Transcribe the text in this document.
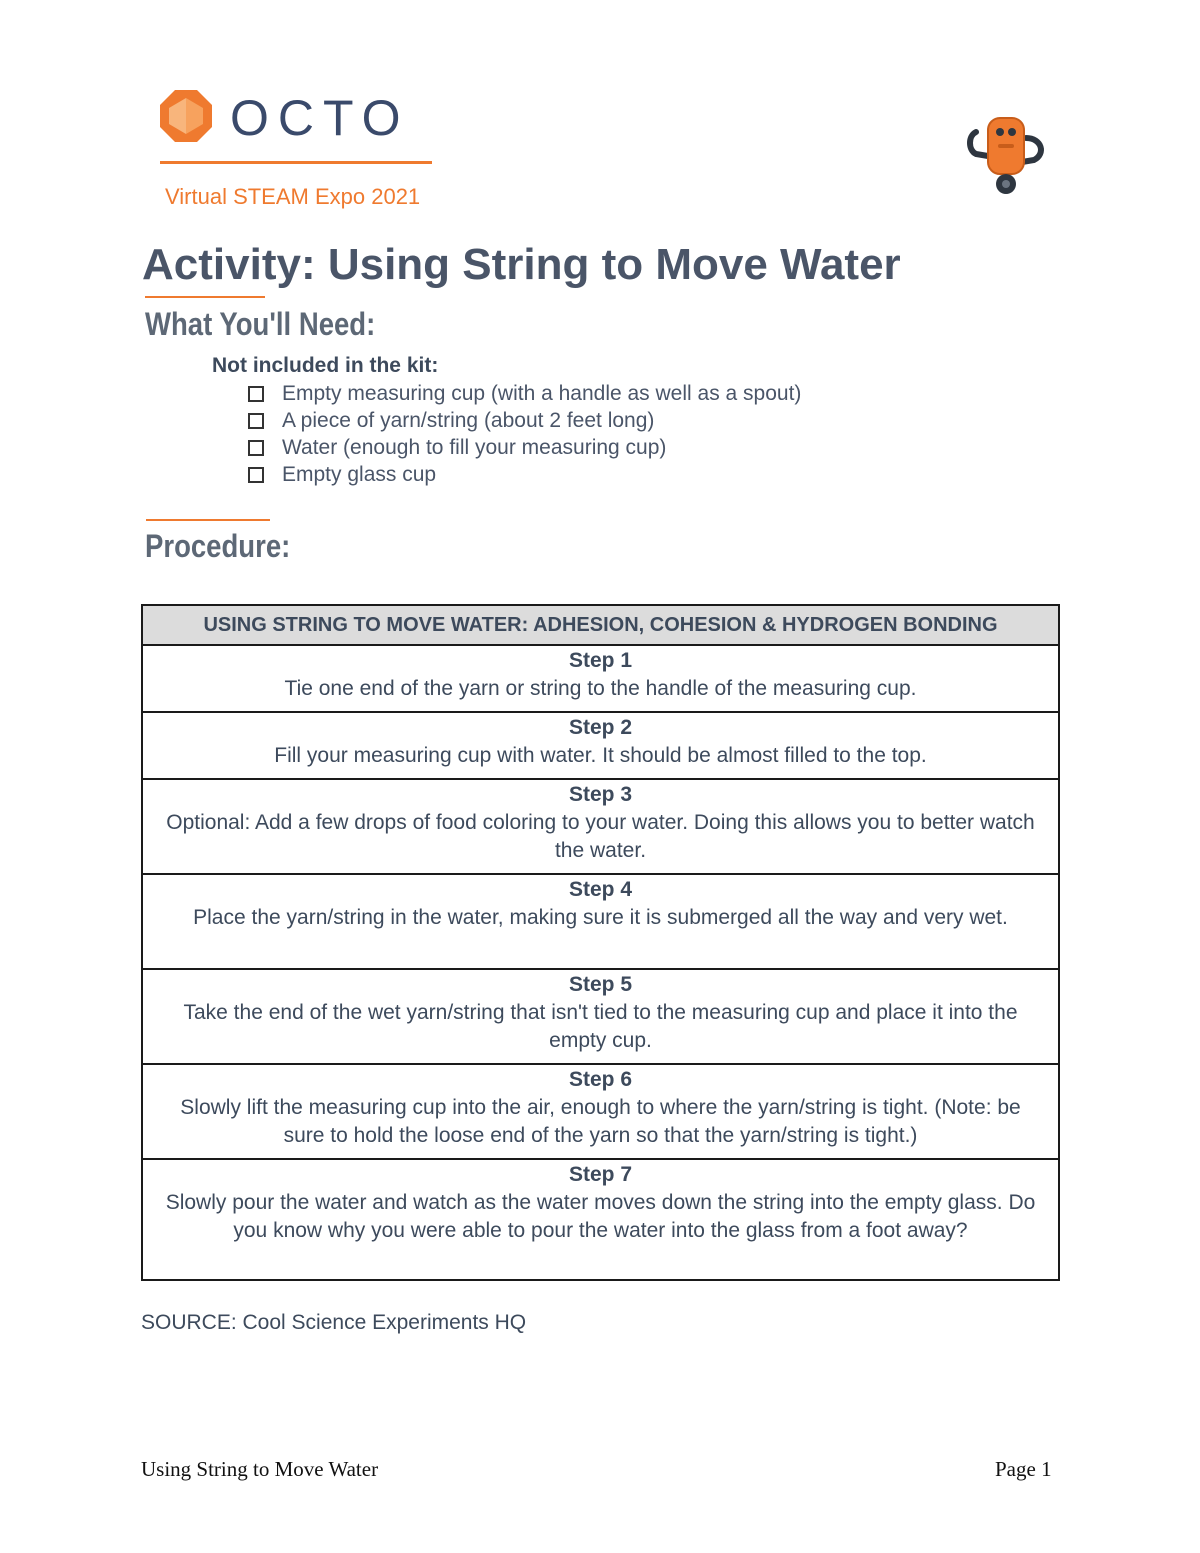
OCTO
Virtual STEAM Expo 2021
Activity: Using String to Move Water
What You'll Need:
Not included in the kit:
Empty measuring cup (with a handle as well as a spout)
A piece of yarn/string (about 2 feet long)
Water (enough to fill your measuring cup)
Empty glass cup
Procedure:
USING STRING TO MOVE WATER: ADHESION, COHESION & HYDROGEN BONDING

Step 1
Tie one end of the yarn or string to the handle of the measuring cup.

Step 2
Fill your measuring cup with water. It should be almost filled to the top.

Step 3
Optional: Add a few drops of food coloring to your water. Doing this allows you to better watch the water.

Step 4
Place the yarn/string in the water, making sure it is submerged all the way and very wet.

Step 5
Take the end of the wet yarn/string that isn't tied to the measuring cup and place it into the empty cup.

Step 6
Slowly lift the measuring cup into the air, enough to where the yarn/string is tight. (Note: be sure to hold the loose end of the yarn so that the yarn/string is tight.)

Step 7
Slowly pour the water and watch as the water moves down the string into the empty glass. Do you know why you were able to pour the water into the glass from a foot away?
SOURCE: Cool Science Experiments HQ
Using String to Move Water	Page 1
